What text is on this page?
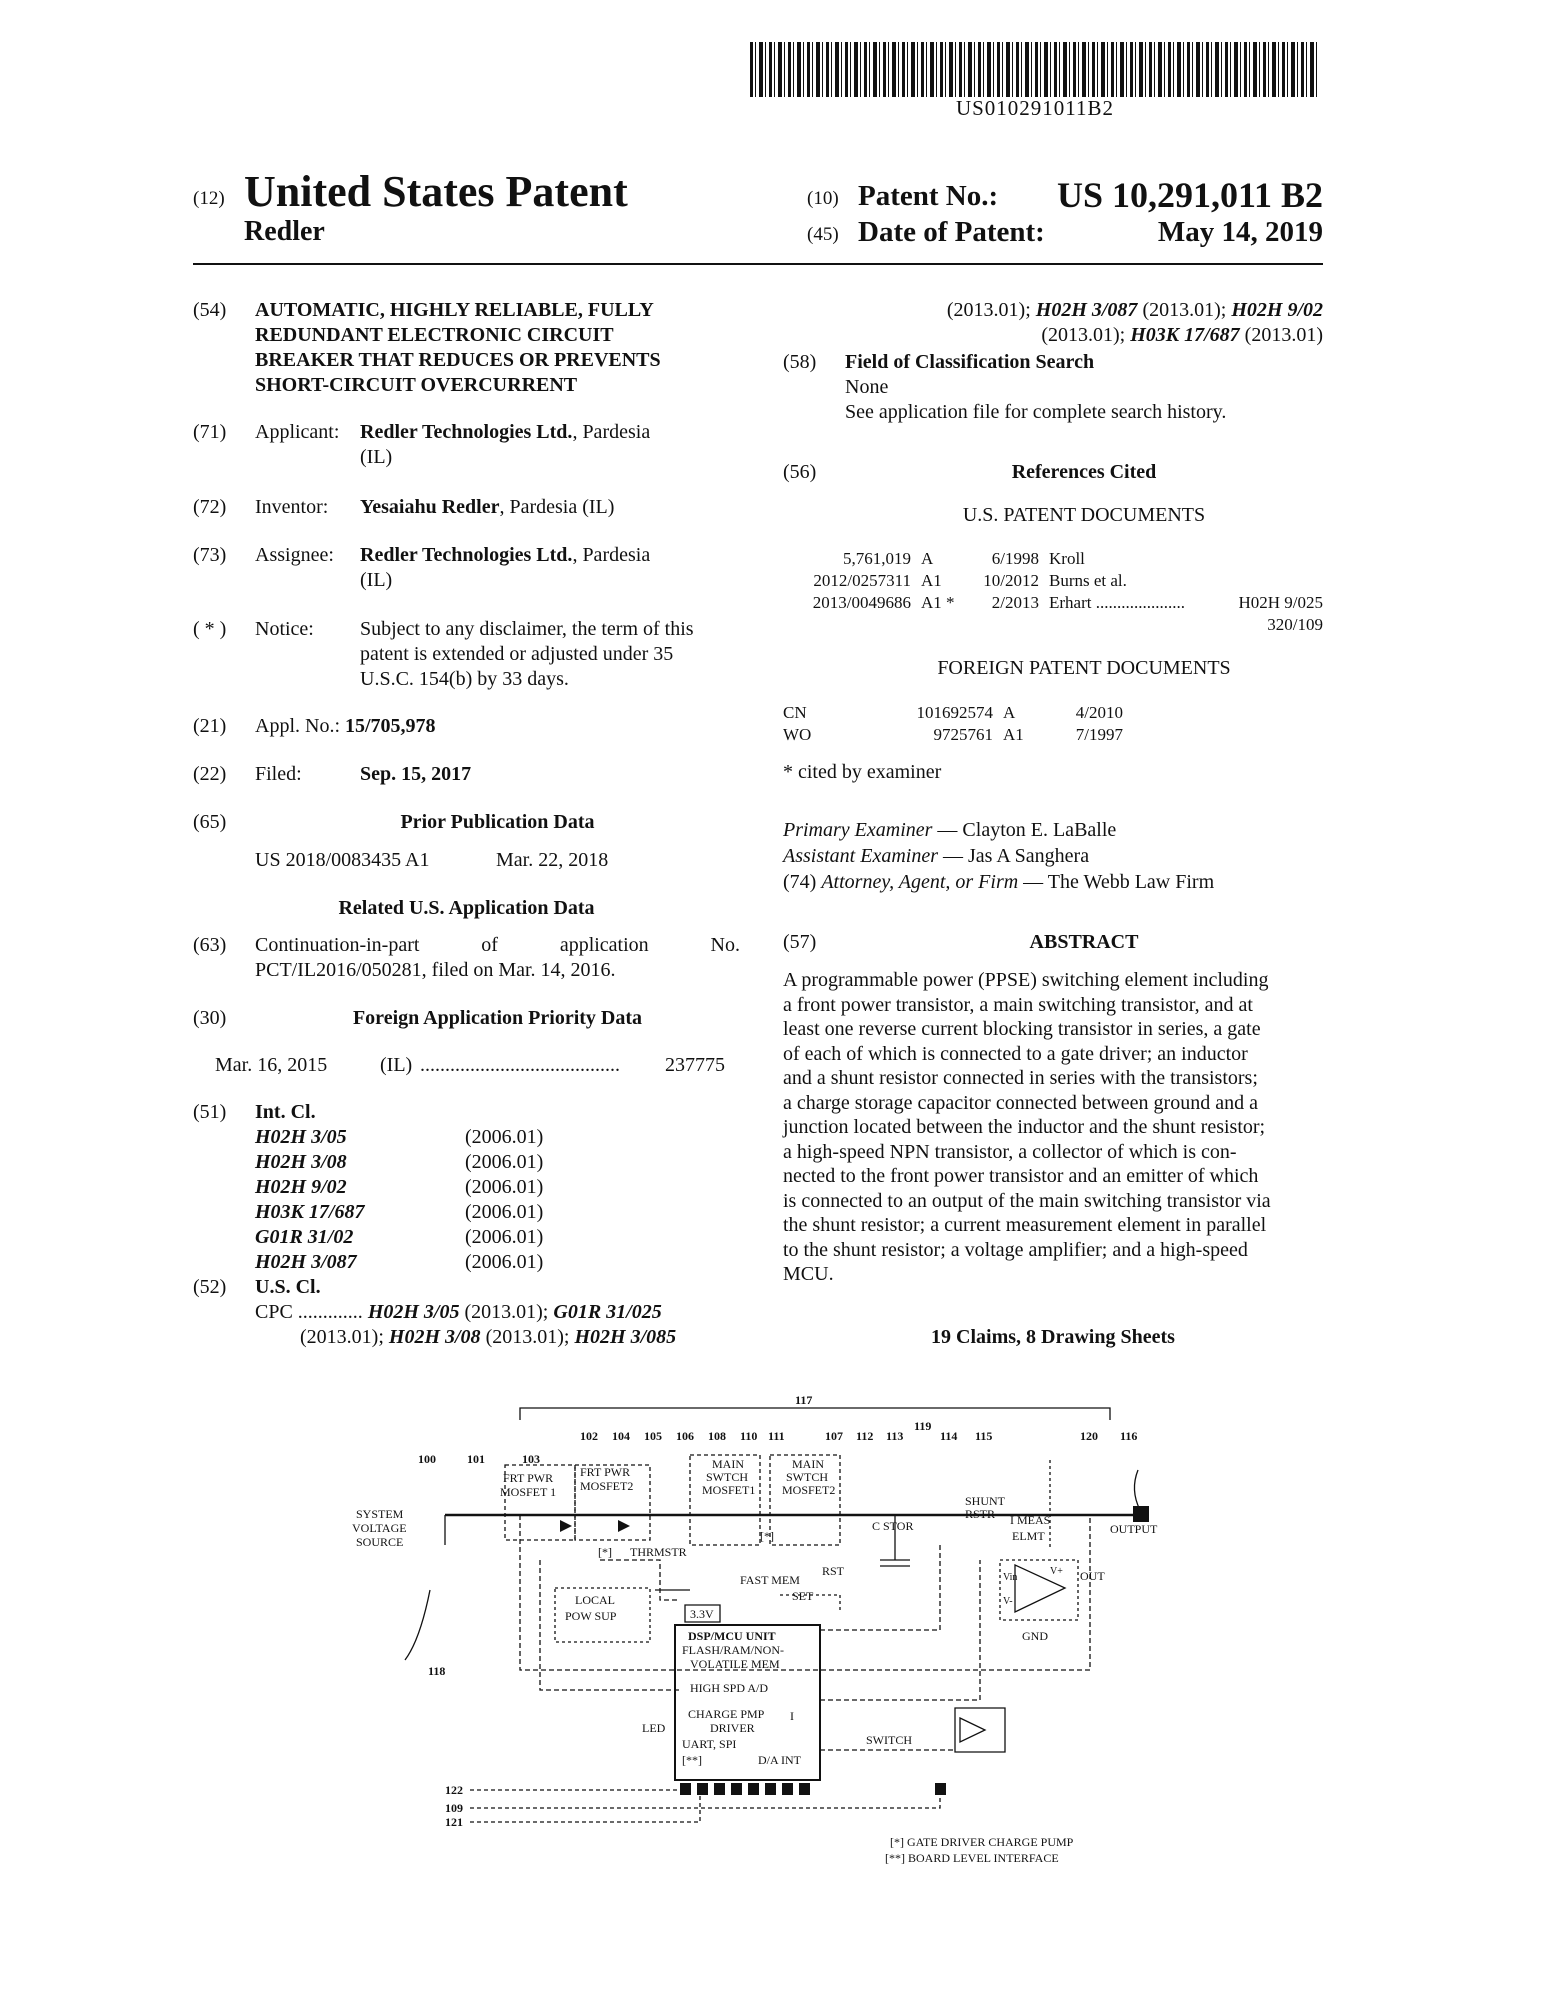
US010291011B2
(12) United States Patent
Redler
(10) Patent No.: US 10,291,011 B2
(45) Date of Patent:	May 14, 2019
(54) AUTOMATIC, HIGHLY RELIABLE, FULLY
REDUNDANT ELECTRONIC CIRCUIT
BREAKER THAT REDUCES OR PREVENTS
SHORT-CIRCUIT OVERCURRENT
(71) Applicant: Redler Technologies Ltd., Pardesia
(IL)
(72) Inventor: Yesaiahu Redler, Pardesia (IL)
(73) Assignee: Redler Technologies Ltd., Pardesia
(IL)
( * ) Notice: Subject to any disclaimer, the term of this
patent is extended or adjusted under 35
U.S.C. 154(b) by 33 days.
(21) Appl. No.: 15/705,978
(22) Filed:	Sep. 15, 2017
(65)	Prior Publication Data
US 2018/0083435 A1	Mar. 22, 2018
Related U.S. Application Data
(63) Continuation-in-part	of	application	No.
PCT/IL2016/050281, filed on Mar. 14, 2016.
(30)	Foreign Application Priority Data
Mar. 16, 2015	(IL) ........................................ 237775
(51) Int. Cl.
H02H 3/05	(2006.01)
H02H 3/08	(2006.01)
H02H 9/02	(2006.01)
H03K 17/687	(2006.01)
G01R 31/02	(2006.01)
H02H 3/087	(2006.01)
(52) U.S. Cl.
CPC ............. H02H 3/05 (2013.01); G01R 31/025
(2013.01); H02H 3/08 (2013.01); H02H 3/085
(2013.01); H02H 3/087 (2013.01); H02H 9/02
(2013.01); H03K 17/687 (2013.01)
(58) Field of Classification Search
None
See application file for complete search history.
(56)	References Cited
U.S. PATENT DOCUMENTS
5,761,019 A	6/1998 Kroll
2012/0257311 A1	10/2012 Burns et al.
2013/0049686 A1 *	2/2013 Erhart .....................	H02H 9/025
320/109
FOREIGN PATENT DOCUMENTS
CN	101692574 A	4/2010
WO	9725761 A1	7/1997
* cited by examiner
Primary Examiner — Clayton E. LaBalle
Assistant Examiner — Jas A Sanghera
(74) Attorney, Agent, or Firm — The Webb Law Firm
(57)	ABSTRACT
A programmable power (PPSE) switching element including
a front power transistor, a main switching transistor, and at
least one reverse current blocking transistor in series, a gate
of each of which is connected to a gate driver; an inductor
and a shunt resistor connected in series with the transistors;
a charge storage capacitor connected between ground and a
junction located between the inductor and the shunt resistor;
a high-speed NPN transistor, a collector of which is con-
nected to the front power transistor and an emitter of which
is connected to an output of the main switching transistor via
the shunt resistor; a current measurement element in parallel
to the shunt resistor; a voltage amplifier; and a high-speed
MCU.
19 Claims, 8 Drawing Sheets
117
102 104 105 106 108 110 111	107 112 113
119
114 115	120 116
100	101	103
118
122
109
121
FRT PWR
MOSFET 1
FRT PWR
MOSFET2
MAIN
SWTCH
MOSFET1
MAIN
SWTCH
MOSFET2
SHUNT
RSTR I MEAS
ELMT	OUTPUT
SYSTEM
VOLTAGE
SOURCE
[*] THRMSTR
[*]
C STOR
FAST MEM
RST
SET
3.3V
LOCAL
POW SUP
DSP/MCU UNIT
FLASH/RAM/NON-
VOLATILE MEM
HIGH SPD A/D
CHARGE PMP
DRIVER
UART, SPI
I
[**]	D/A INT
LED
SWITCH
OUT
GND
V+
Vin
V-
[*] GATE DRIVER CHARGE PUMP
[**] BOARD LEVEL INTERFACE
